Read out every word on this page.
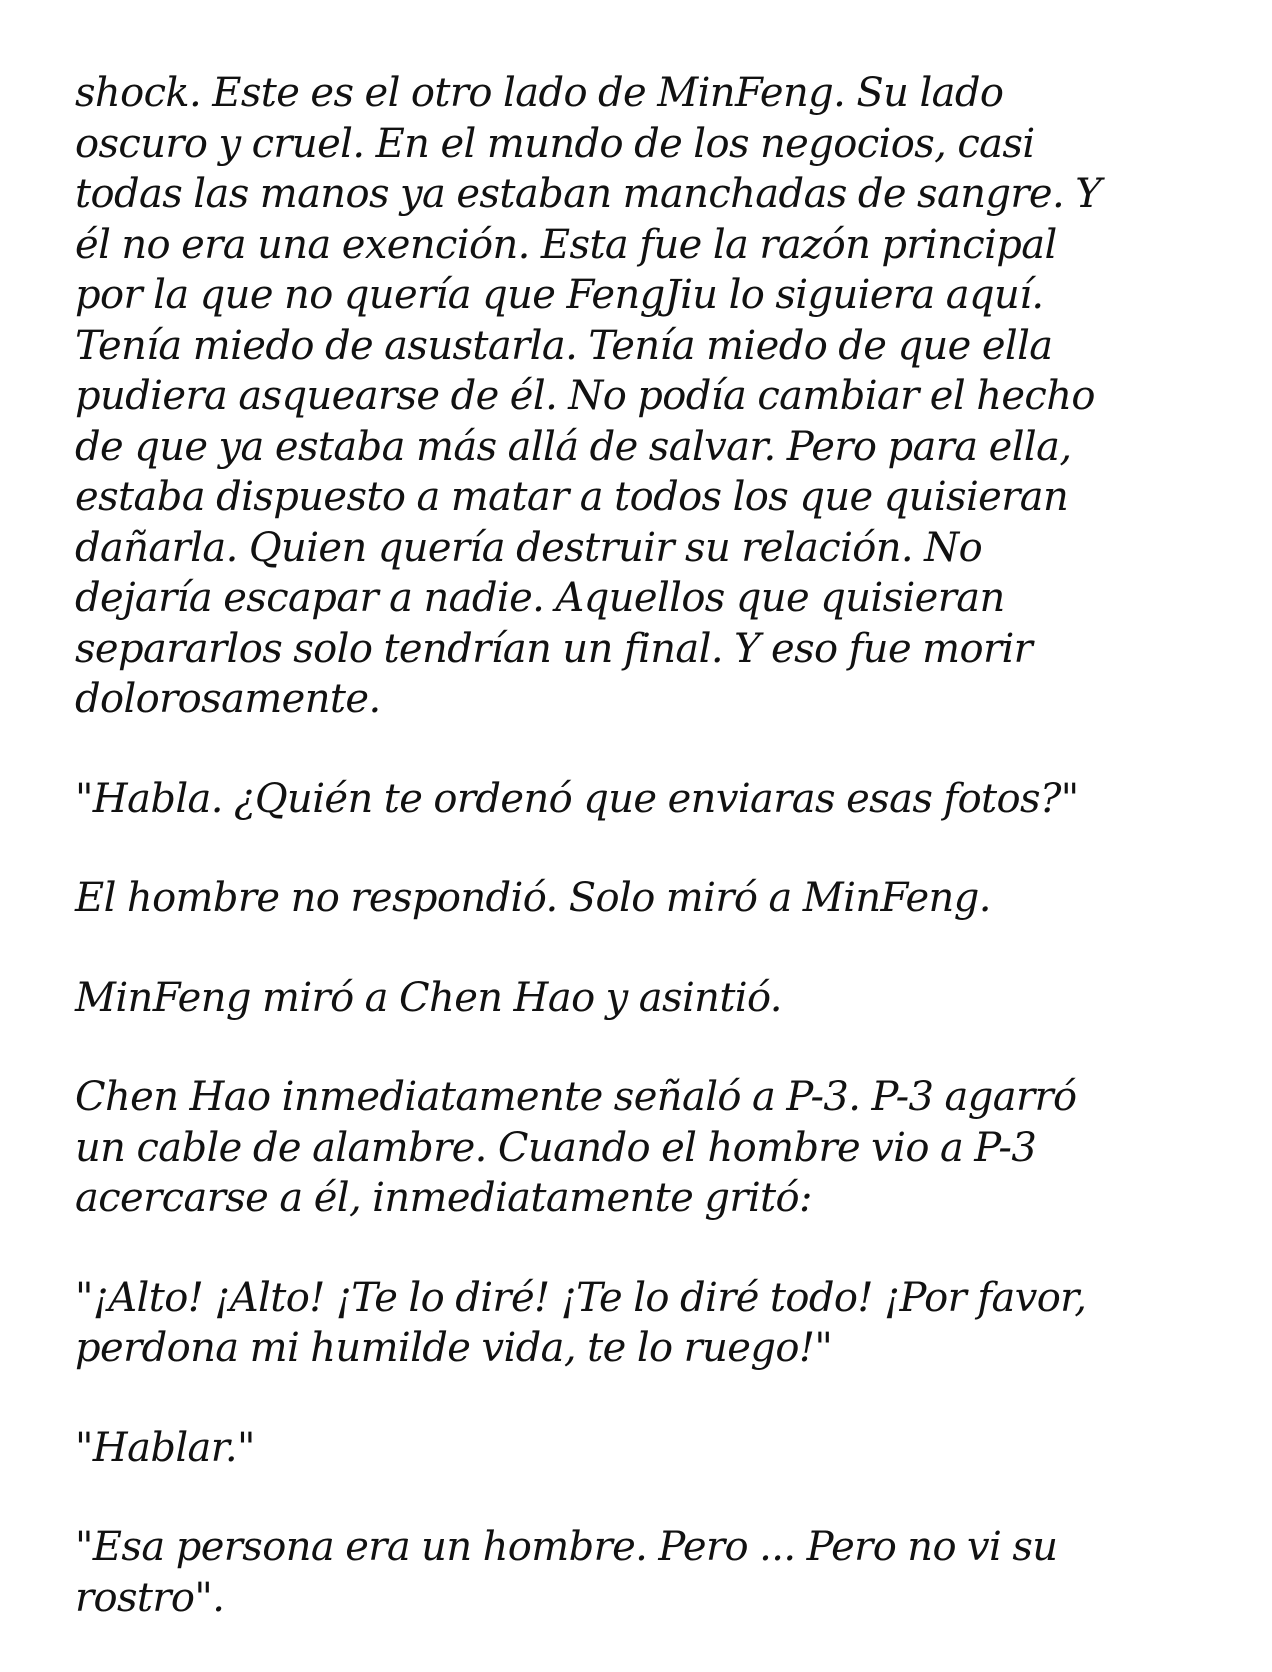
shock. Este es el otro lado de MinFeng. Su lado
oscuro y cruel. En el mundo de los negocios, casi
todas las manos ya estaban manchadas de sangre. Y
él no era una exención. Esta fue la razón principal
por la que no quería que FengJiu lo siguiera aquí.
Tenía miedo de asustarla. Tenía miedo de que ella
pudiera asquearse de él. No podía cambiar el hecho
de que ya estaba más allá de salvar. Pero para ella,
estaba dispuesto a matar a todos los que quisieran
dañarla. Quien quería destruir su relación. No
dejaría escapar a nadie. Aquellos que quisieran
separarlos solo tendrían un final. Y eso fue morir
dolorosamente.

"Habla. ¿Quién te ordenó que enviaras esas fotos?"

El hombre no respondió. Solo miró a MinFeng.

MinFeng miró a Chen Hao y asintió.

Chen Hao inmediatamente señaló a P-3. P-3 agarró
un cable de alambre. Cuando el hombre vio a P-3
acercarse a él, inmediatamente gritó:

"¡Alto! ¡Alto! ¡Te lo diré! ¡Te lo diré todo! ¡Por favor,
perdona mi humilde vida, te lo ruego!"

"Hablar."

"Esa persona era un hombre. Pero ... Pero no vi su
rostro".
